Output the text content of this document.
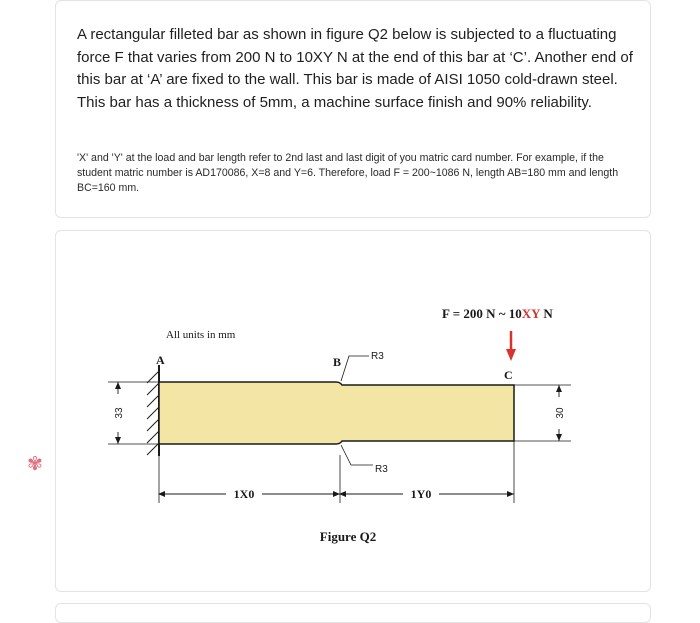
A rectangular filleted bar as shown in figure Q2 below is subjected to a fluctuating force F that varies from 200 N to 10XY N at the end of this bar at ‘C’. Another end of this bar at ‘A’ are fixed to the wall. This bar is made of AISI 1050 cold-drawn steel. This bar has a thickness of 5mm, a machine surface finish and 90% reliability.
'X' and 'Y' at the load and bar length refer to 2nd last and last digit of you matric card number. For example, if the student matric number is AD170086, X=8 and Y=6. Therefore, load F = 200~1086 N, length AB=180 mm and length BC=160 mm.
33	30
A	B
C
R3
R3
All units in mm
F = 200 N ~ 10XY N
1X0	1Y0
Figure Q2
✾
